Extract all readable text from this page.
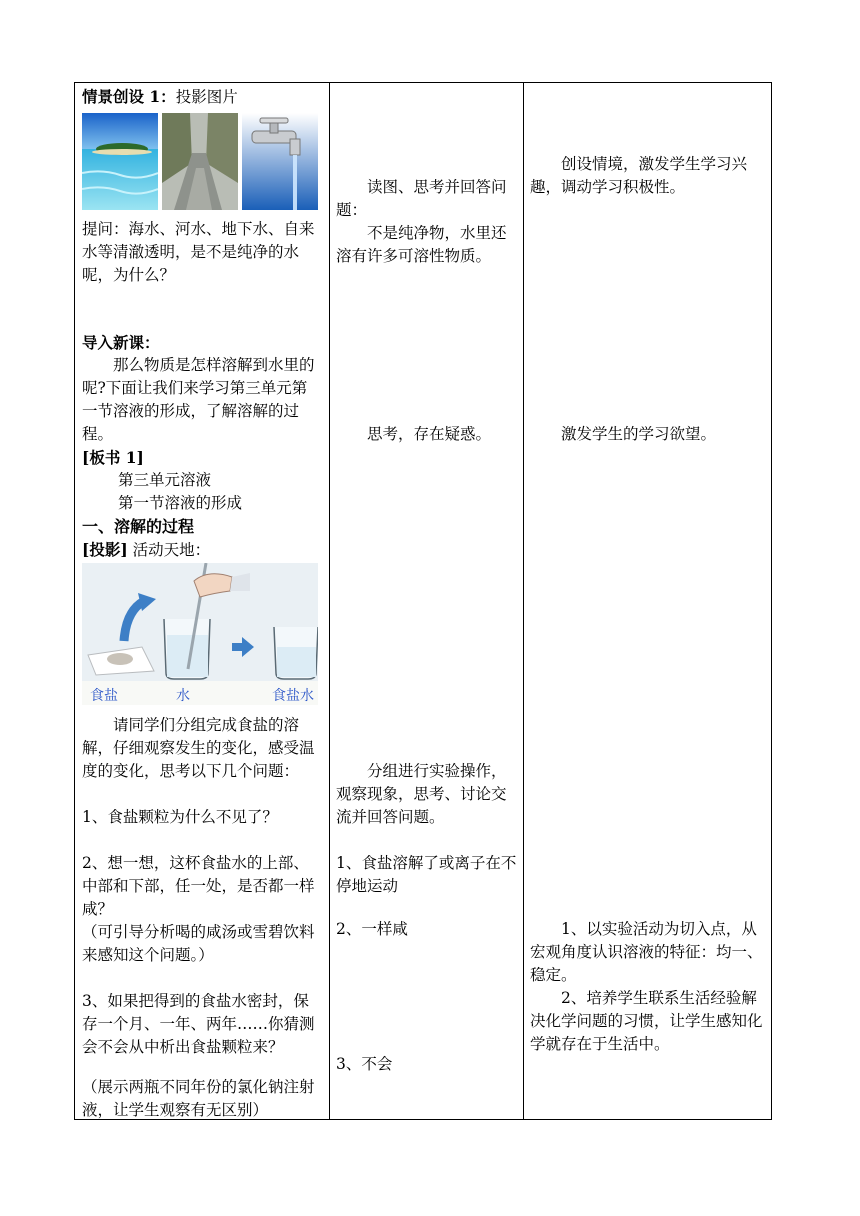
情景创设 1：投影图片
提问：海水、河水、地下水、自来水等清澈透明，是不是纯净的水呢，为什么？
导入新课：
那么物质是怎样溶解到水里的呢?下面让我们来学习第三单元第一节溶液的形成，了解溶解的过程。
[板书 1]
第三单元溶液
第一节溶液的形成
一、溶解的过程
[投影] 活动天地：
食盐	水	食盐水
请同学们分组完成食盐的溶解，仔细观察发生的变化，感受温度的变化，思考以下几个问题：
1、食盐颗粒为什么不见了？
2、想一想，这杯食盐水的上部、中部和下部，任一处，是否都一样咸？
（可引导分析喝的咸汤或雪碧饮料来感知这个问题。）
3、如果把得到的食盐水密封，保存一个月、一年、两年……你猜测会不会从中析出食盐颗粒来？
（展示两瓶不同年份的氯化钠注射液，让学生观察有无区别）
读图、思考并回答问题：
不是纯净物，水里还溶有许多可溶性物质。
思考，存在疑惑。
分组进行实验操作，观察现象，思考、讨论交流并回答问题。
1、食盐溶解了或离子在不停地运动
2、一样咸
3、不会
创设情境，激发学生学习兴趣，调动学习积极性。
激发学生的学习欲望。
1、以实验活动为切入点，从宏观角度认识溶液的特征：均一、稳定。
2、培养学生联系生活经验解决化学问题的习惯，让学生感知化学就存在于生活中。
